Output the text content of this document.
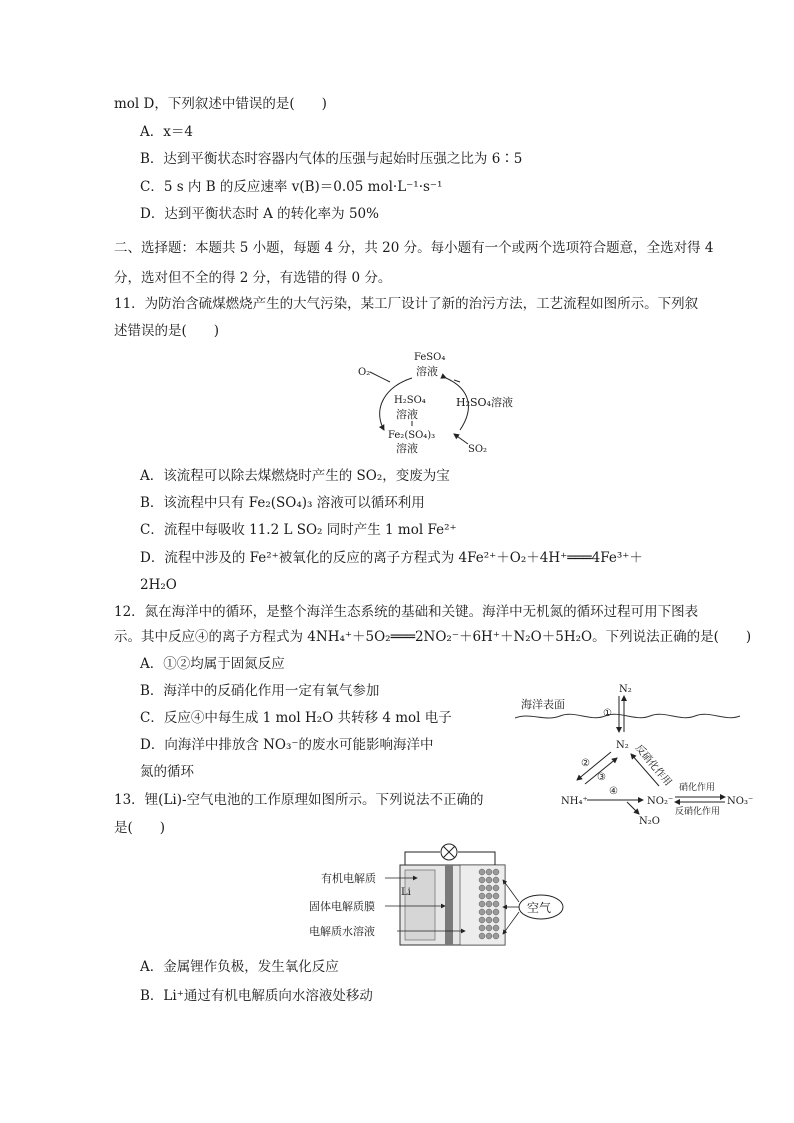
mol D，下列叙述中错误的是(　　)
A．x＝4
B．达到平衡状态时容器内气体的压强与起始时压强之比为 6∶5
C．5 s 内 B 的反应速率 v(B)＝0.05 mol·L⁻¹·s⁻¹
D．达到平衡状态时 A 的转化率为 50%
二、选择题：本题共 5 小题，每题 4 分，共 20 分。每小题有一个或两个选项符合题意，全选对得 4
分，选对但不全的得 2 分，有选错的得 0 分。
11．为防治含硫煤燃烧产生的大气污染，某工厂设计了新的治污方法，工艺流程如图所示。下列叙
述错误的是(　　)
FeSO₄
溶液
O₂
H₂SO₄
溶液
H₂SO₄溶液
Fe₂(SO₄)₃
溶液	SO₂
A．该流程可以除去煤燃烧时产生的 SO₂，变废为宝
B．该流程中只有 Fe₂(SO₄)₃ 溶液可以循环利用
C．流程中每吸收 11.2 L SO₂ 同时产生 1 mol Fe²⁺
D．流程中涉及的 Fe²⁺被氧化的反应的离子方程式为 4Fe²⁺＋O₂＋4H⁺═══4Fe³⁺＋
2H₂O
12．氮在海洋中的循环，是整个海洋生态系统的基础和关键。海洋中无机氮的循环过程可用下图表
示。其中反应④的离子方程式为 4NH₄⁺＋5O₂═══2NO₂⁻＋6H⁺＋N₂O＋5H₂O。下列说法正确的是(　　)
A．①②均属于固氮反应
B．海洋中的反硝化作用一定有氧气参加
C．反应④中每生成 1 mol H₂O 共转移 4 mol 电子
D．向海洋中排放含 NO₃⁻的废水可能影响海洋中
氮的循环
N₂
海洋表面
①
N₂
②
③	反硝化作用
NH₄⁺
④
NO₂⁻
N₂O
硝化作用
NO₃⁻
反硝化作用
13．锂(Li)-空气电池的工作原理如图所示。下列说法不正确的
是(　　)
Li
有机电解质
固体电解质膜
电解质水溶液
空气
A．金属锂作负极，发生氧化反应
B．Li⁺通过有机电解质向水溶液处移动
